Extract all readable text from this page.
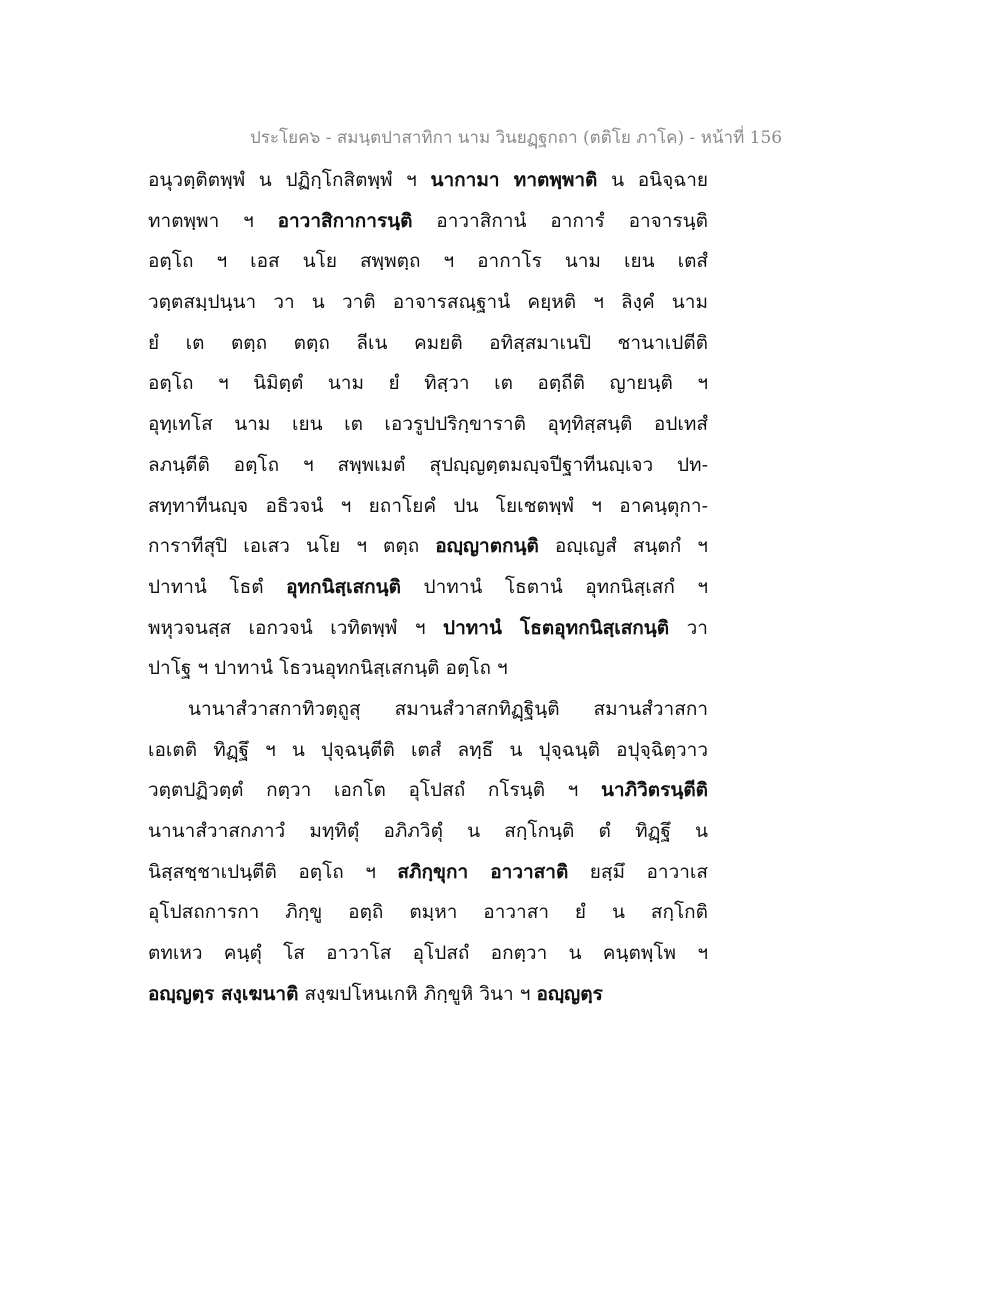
ประโยค๖ - สมนฺตปาสาทิกา นาม วินยฏฺฐกถา (ตติโย ภาโค) - หน้าที่ 156
อนุวตฺติตพฺพํ น ปฏิกฺโกสิตพฺพํ ฯ นากามา ทาตพฺพาติ น อนิจฺฉาย
ทาตพฺพา ฯ อาวาสิกาการนฺติ อาวาสิกานํ อาการํ อาจารนฺติ
อตฺโถ ฯ เอส นโย สพฺพตฺถ ฯ อากาโร นาม เยน เตสํ
วตฺตสมฺปนฺนา วา น วาติ อาจารสณฺฐานํ คยฺหติ ฯ ลิงฺคํ นาม
ยํ เต ตตฺถ ตตฺถ ลีเน คมยติ อทิสฺสมาเนปิ ชานาเปตีติ
อตฺโถ ฯ นิมิตฺตํ นาม ยํ ทิสฺวา เต อตฺถีติ ญายนฺติ ฯ
อุทฺเทโส นาม เยน เต เอวรูปปริกฺขาราติ อุทฺทิสฺสนฺติ อปเทสํ
ลภนฺตีติ อตฺโถ ฯ สพฺพเมตํ สุปญฺญตฺตมญฺจปีฐาทีนญฺเจว ปท-
สทฺทาทีนญฺจ อธิวจนํ ฯ ยถาโยคํ ปน โยเชตพฺพํ ฯ อาคนฺตุกา-
การาทีสุปิ เอเสว นโย ฯ ตตฺถ อญฺญาตกนฺติ อญฺเญสํ สนฺตกํ ฯ
ปาทานํ โธตํ อุทกนิสฺเสกนฺติ ปาทานํ โธตานํ อุทกนิสฺเสกํ ฯ
พหุวจนสฺส เอกวจนํ เวทิตพฺพํ ฯ ปาทานํ โธตอุทกนิสฺเสกนฺติ วา
ปาโฐ ฯ ปาทานํ โธวนอุทกนิสฺเสกนฺติ อตฺโถ ฯ
นานาสํวาสกาทิวตฺถูสุ สมานสํวาสกทิฏฺฐินฺติ สมานสํวาสกา
เอเตติ ทิฏฺฐึ ฯ น ปุจฺฉนฺตีติ เตสํ ลทฺธึ น ปุจฺฉนฺติ อปุจฺฉิตฺวาว
วตฺตปฏิวตฺตํ กตฺวา เอกโต อุโปสถํ กโรนฺติ ฯ นาภิวิตรนฺตีติ
นานาสํวาสกภาวํ มทฺทิตุํ อภิภวิตุํ น สกฺโกนฺติ ตํ ทิฏฺฐึ น
นิสฺสชฺชาเปนฺตีติ อตฺโถ ฯ สภิกฺขุกา อาวาสาติ ยสฺมึ อาวาเส
อุโปสถการกา ภิกฺขู อตฺถิ ตมฺหา อาวาสา ยํ น สกฺโกติ
ตทเหว คนฺตุํ โส อาวาโส อุโปสถํ อกตฺวา น คนฺตพฺโพ ฯ
อญฺญตฺร สงฺเฆนาติ สงฺฆปโหนเกหิ ภิกฺขูหิ วินา ฯ อญฺญตฺร
